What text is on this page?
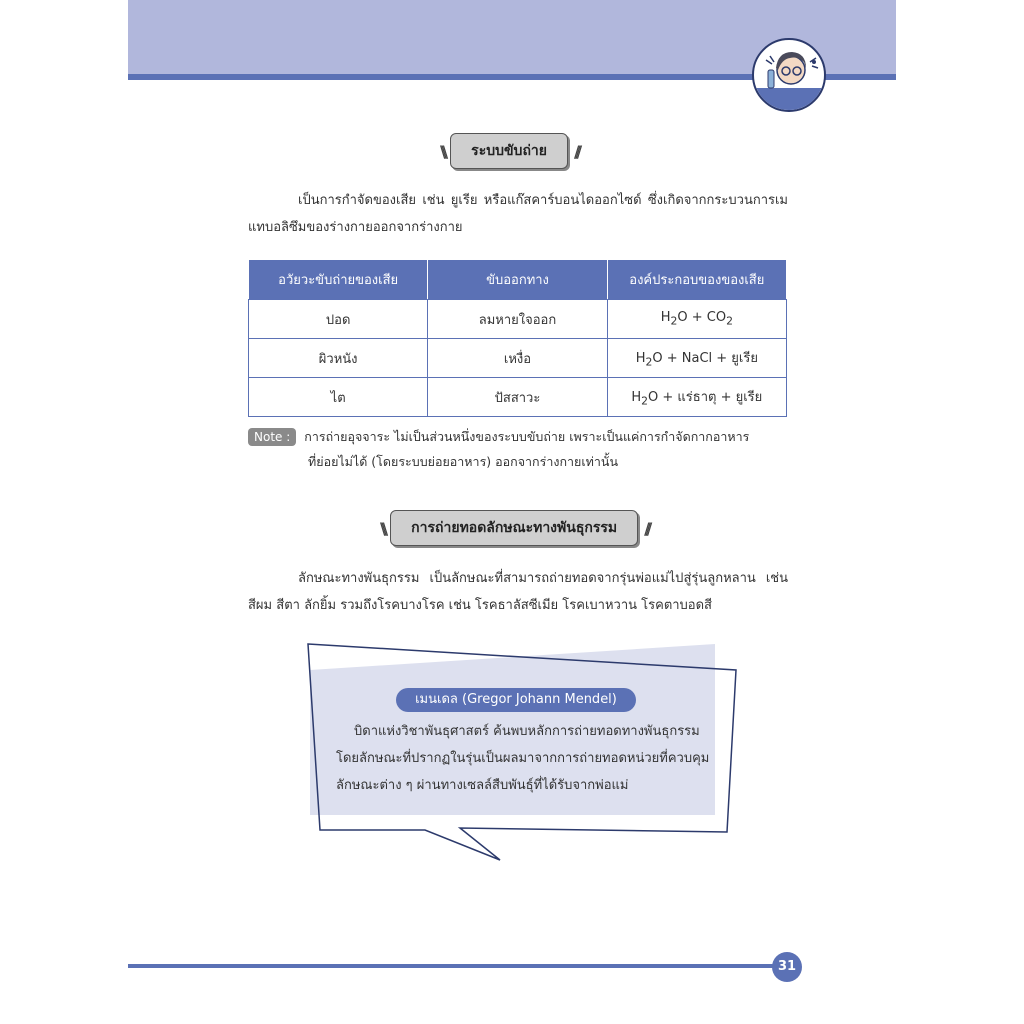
\\\	ระบบขับถ่าย	///

เป็นการกำจัดของเสีย เช่น ยูเรีย หรือแก๊สคาร์บอนไดออกไซด์ ซึ่งเกิดจากกระบวนการเมแทบอลิซึมของร่างกายออกจากร่างกาย

อวัยวะขับถ่ายของเสีย	ขับออกทาง	องค์ประกอบของของเสีย
ปอด	ลมหายใจออก	$H_2O + CO_2$
ผิวหนัง	เหงื่อ	$H_2O$ + NaCl + ยูเรีย
ไต	ปัสสาวะ	$H_2O$ + แร่ธาตุ + ยูเรีย
Note : การถ่ายอุจจาระ ไม่เป็นส่วนหนึ่งของระบบขับถ่าย เพราะเป็นแค่การกำจัดกากอาหาร
ที่ย่อยไม่ได้ (โดยระบบย่อยอาหาร) ออกจากร่างกายเท่านั้น
\\\	การถ่ายทอดลักษณะทางพันธุกรรม	///

ลักษณะทางพันธุกรรม เป็นลักษณะที่สามารถถ่ายทอดจากรุ่นพ่อแม่ไปสู่รุ่นลูกหลาน เช่น สีผม สีตา ลักยิ้ม รวมถึงโรคบางโรค เช่น โรคธาลัสซีเมีย โรคเบาหวาน โรคตาบอดสี

เมนเดล (Gregor Johann Mendel)

บิดาแห่งวิชาพันธุศาสตร์ ค้นพบหลักการถ่ายทอดทางพันธุกรรม โดยลักษณะที่ปรากฏในรุ่นเป็นผลมาจากการถ่ายทอดหน่วยที่ควบคุมลักษณะต่าง ๆ ผ่านทางเซลล์สืบพันธุ์ที่ได้รับจากพ่อแม่

31
